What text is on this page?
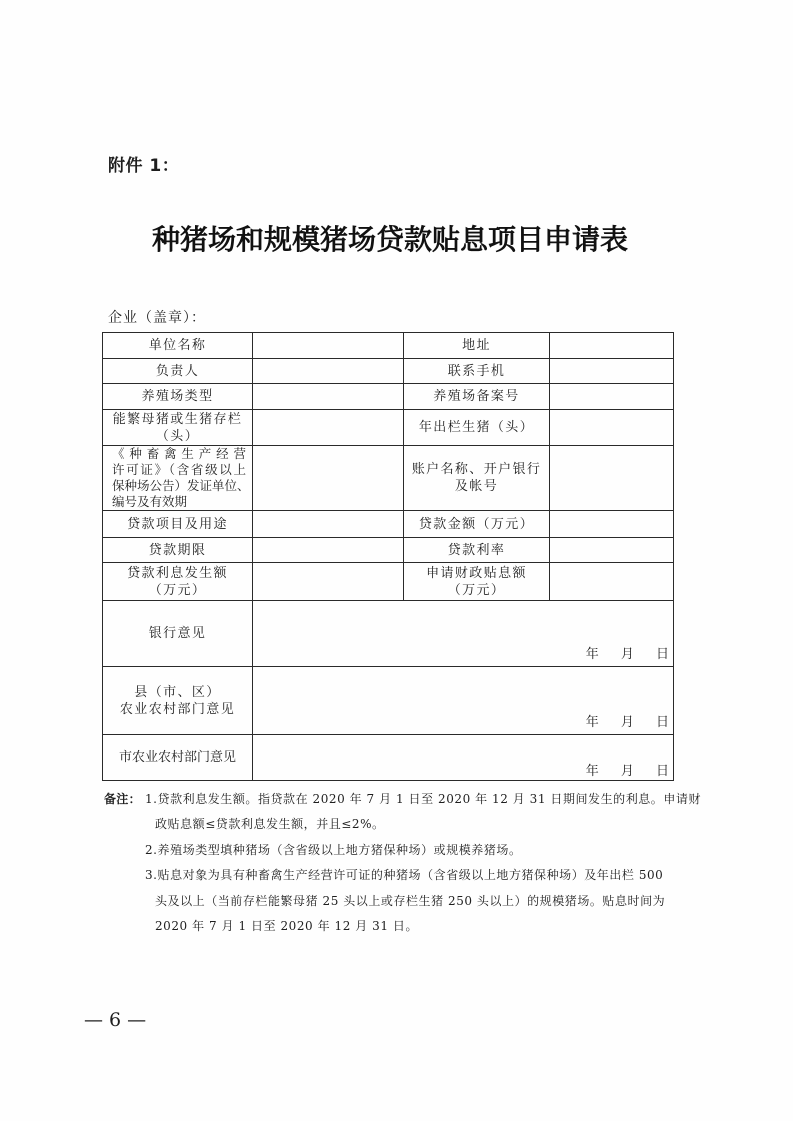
附件 1：
种猪场和规模猪场贷款贴息项目申请表
企业（盖章）：
单位名称		地址	

负责人		联系手机	

养殖场类型		养殖场备案号	

能繁母猪或生猪存栏
（头）		年出栏生猪（头）	

《种畜禽生产经营
许可证》（含省级以上
保种场公告）发证单位、
编号及有效期		账户名称、开户银行
及帐号	

贷款项目及用途		贷款金额（万元）	

贷款期限		贷款利率	

贷款利息发生额
（万元）		申请财政贴息额
（万元）	

银行意见	年 月 日		

县（市、区）
农业农村部门意见	年 月 日		

市农业农村部门意见	年 月 日		
备注： 1.贷款利息发生额。指贷款在 2020 年 7 月 1 日至 2020 年 12 月 31 日期间发生的利息。申请财
政贴息额≤贷款利息发生额，并且≤2%。
2.养殖场类型填种猪场（含省级以上地方猪保种场）或规模养猪场。
3.贴息对象为具有种畜禽生产经营许可证的种猪场（含省级以上地方猪保种场）及年出栏 500
头及以上（当前存栏能繁母猪 25 头以上或存栏生猪 250 头以上）的规模猪场。贴息时间为
2020 年 7 月 1 日至 2020 年 12 月 31 日。
— 6 —
